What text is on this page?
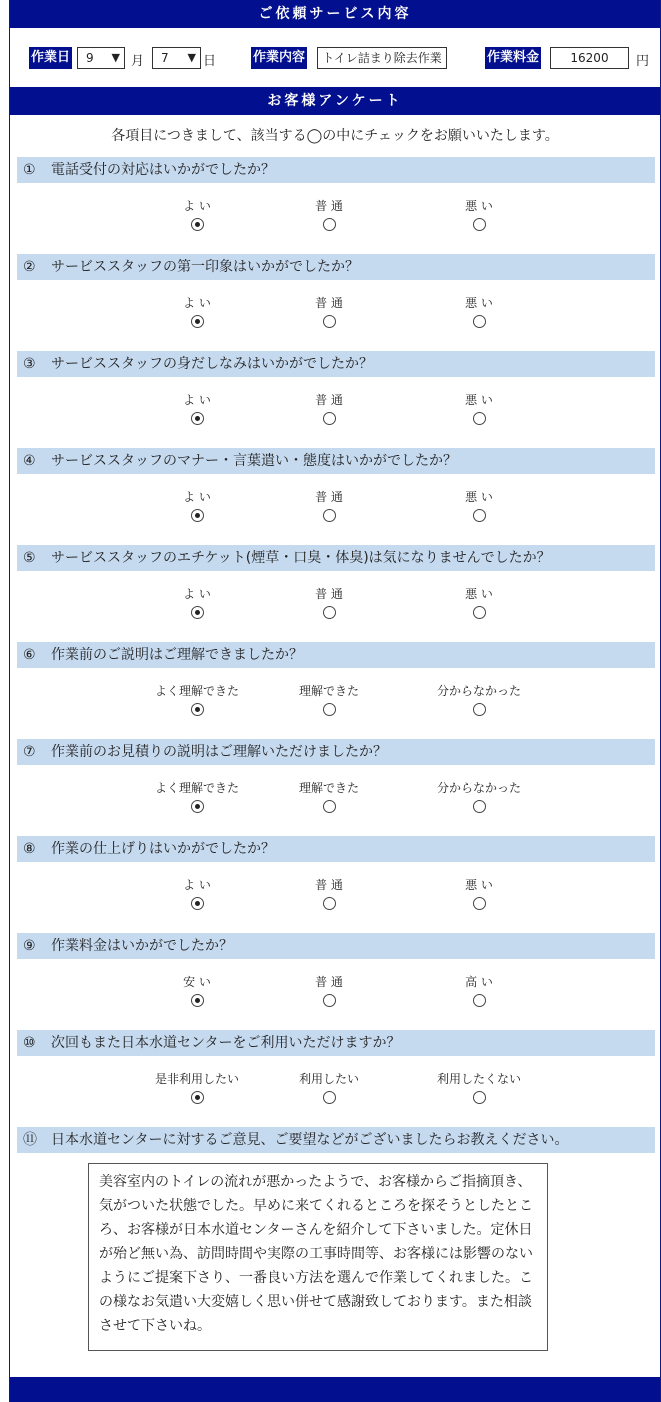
ご依頼サービス内容
作業日	9 ▼ 月	7 ▼ 日	作業内容	トイレ詰まり除去作業	作業料金	16200	円
お客様アンケート
各項目につきまして、該当する◯の中にチェックをお願いいたします。
① 電話受付の対応はいかがでしたか？
よ い	普 通	悪 い
② サービススタッフの第一印象はいかがでしたか？
よ い	普 通	悪 い
③ サービススタッフの身だしなみはいかがでしたか？
よ い	普 通	悪 い
④ サービススタッフのマナー・言葉遣い・態度はいかがでしたか？
よ い	普 通	悪 い
⑤ サービススタッフのエチケット(煙草・口臭・体臭)は気になりませんでしたか？
よ い	普 通	悪 い
⑥ 作業前のご説明はご理解できましたか？
よく理解できた	理解できた	分からなかった
⑦ 作業前のお見積りの説明はご理解いただけましたか？
よく理解できた	理解できた	分からなかった
⑧ 作業の仕上げりはいかがでしたか？
よ い	普 通	悪 い
⑨ 作業料金はいかがでしたか？
安 い	普 通	高 い
⑩ 次回もまた日本水道センターをご利用いただけますか？
是非利用したい	利用したい	利用したくない
⑪ 日本水道センターに対するご意見、ご要望などがございましたらお教えください。
美容室内のトイレの流れが悪かったようで、お客様からご指摘頂き、気がついた状態でした。早めに来てくれるところを探そうとしたところ、お客様が日本水道センターさんを紹介して下さいました。定休日が殆ど無い為、訪問時間や実際の工事時間等、お客様には影響のないようにご提案下さり、一番良い方法を選んで作業してくれました。この様なお気遣い大変嬉しく思い併せて感謝致しております。また相談させて下さいね。
